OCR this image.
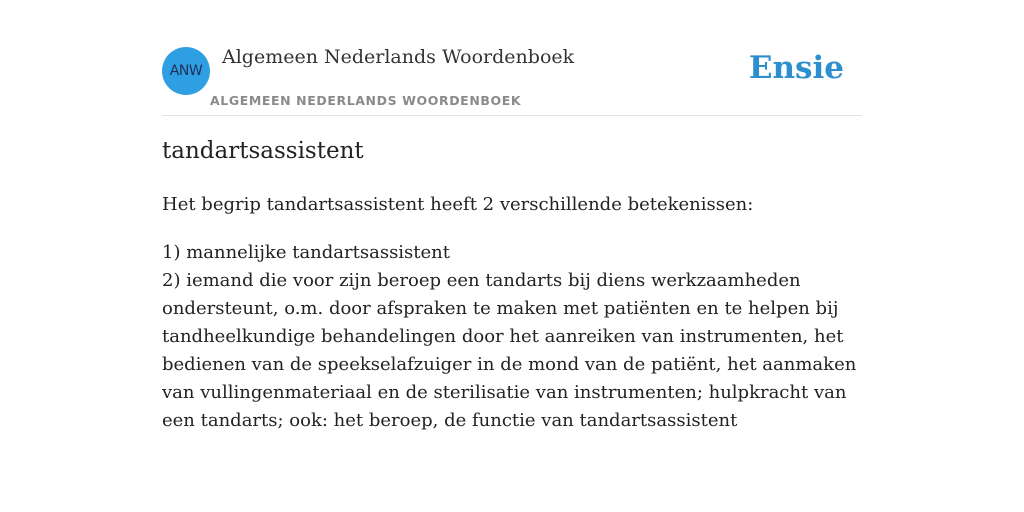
ANW
Algemeen Nederlands Woordenboek
ALGEMEEN NEDERLANDS WOORDENBOEK
Ensie
tandartsassistent

Het begrip tandartsassistent heeft 2 verschillende betekenissen:

1) mannelijke tandartsassistent
2) iemand die voor zijn beroep een tandarts bij diens werkzaamheden ondersteunt, o.m. door afspraken te maken met patiënten en te helpen bij tandheelkundige behandelingen door het aanreiken van instrumenten, het bedienen van de speekselafzuiger in de mond van de patiënt, het aanmaken van vullingenmateriaal en de sterilisatie van instrumenten; hulpkracht van een tandarts; ook: het beroep, de functie van tandartsassistent
